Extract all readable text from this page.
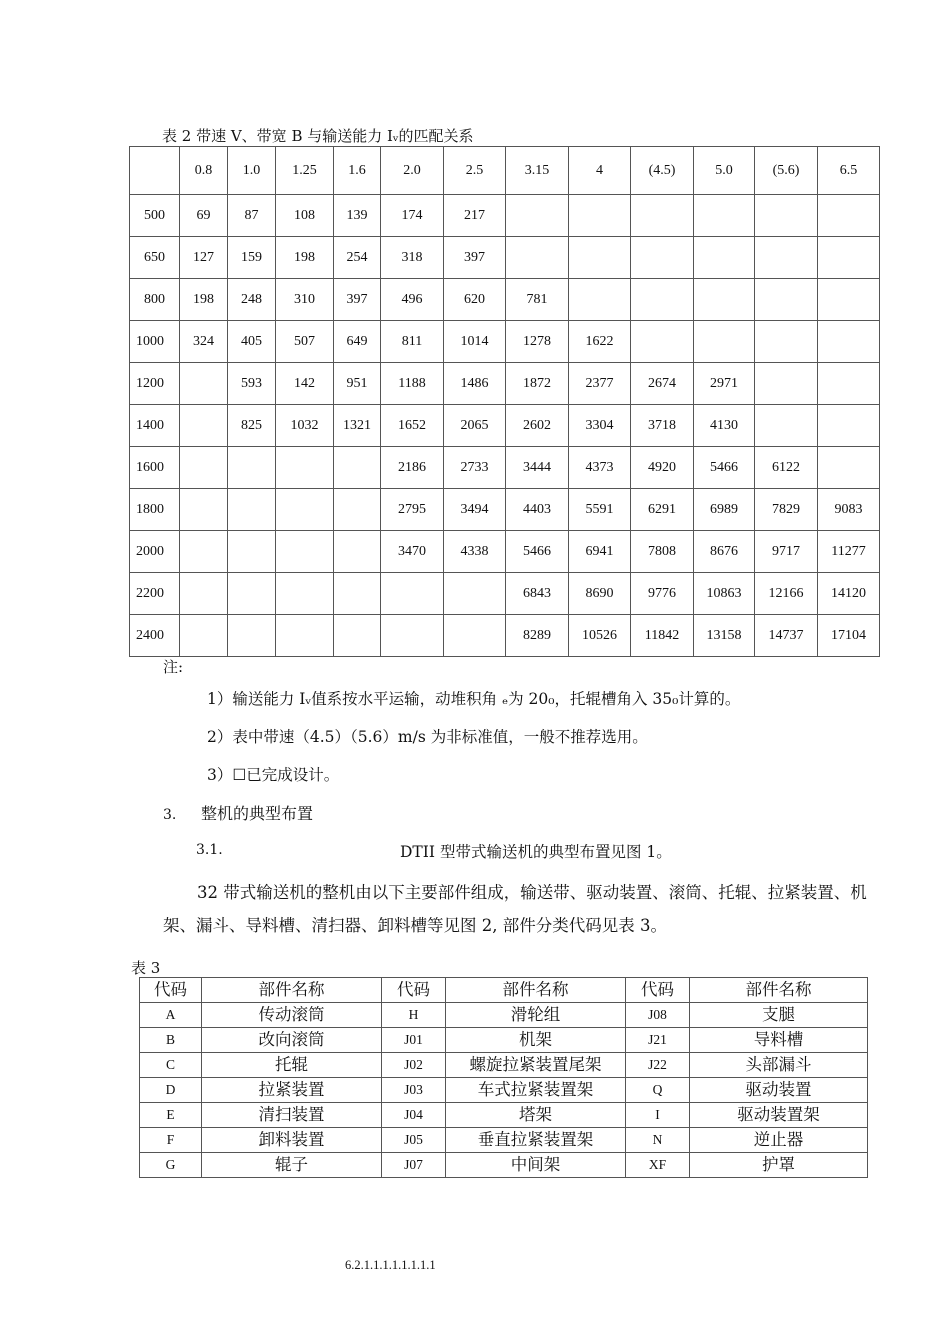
表 2 带速 V、带宽 B 与输送能力 Iᵥ的匹配关系
	0.8	1.0	1.25	1.6	2.0	2.5	3.15	4	(4.5)	5.0	(5.6)	6.5
500	69	87	108	139	174	217						
650	127	159	198	254	318	397						
800	198	248	310	397	496	620	781					
1000	324	405	507	649	811	1014	1278	1622				
1200		593	142	951	1188	1486	1872	2377	2674	2971		
1400		825	1032	1321	1652	2065	2602	3304	3718	4130		
1600					2186	2733	3444	4373	4920	5466	6122	
1800					2795	3494	4403	5591	6291	6989	7829	9083
2000					3470	4338	5466	6941	7808	8676	9717	11277
2200							6843	8690	9776	10863	12166	14120
2400							8289	10526	11842	13158	14737	17104
注:
1）输送能力 Iᵥ值系按水平运输，动堆积角 ₑ为 20₀，托辊槽角入 35₀计算的。
2）表中带速（4.5）（5.6）m/s 为非标准值，一般不推荐选用。
3）☐已完成设计。
3. 整机的典型布置
3.1.	DTII 型带式输送机的典型布置见图 1。
32 带式输送机的整机由以下主要部件组成，输送带、驱动装置、滚筒、托辊、拉紧装置、机架、漏斗、导料槽、清扫器、卸料槽等见图 2, 部件分类代码见表 3。
表 3
代码	部件名称	代码	部件名称	代码	部件名称
A	传动滚筒	H	滑轮组	J08	支腿
B	改向滚筒	J01	机架	J21	导料槽
C	托辊	J02	螺旋拉紧装置尾架	J22	头部漏斗
D	拉紧装置	J03	车式拉紧装置架	Q	驱动装置
E	清扫装置	J04	塔架	I	驱动装置架
F	卸料装置	J05	垂直拉紧装置架	N	逆止器
G	辊子	J07	中间架	XF	护罩
6.2.1.1.1.1.1.1.1.1
